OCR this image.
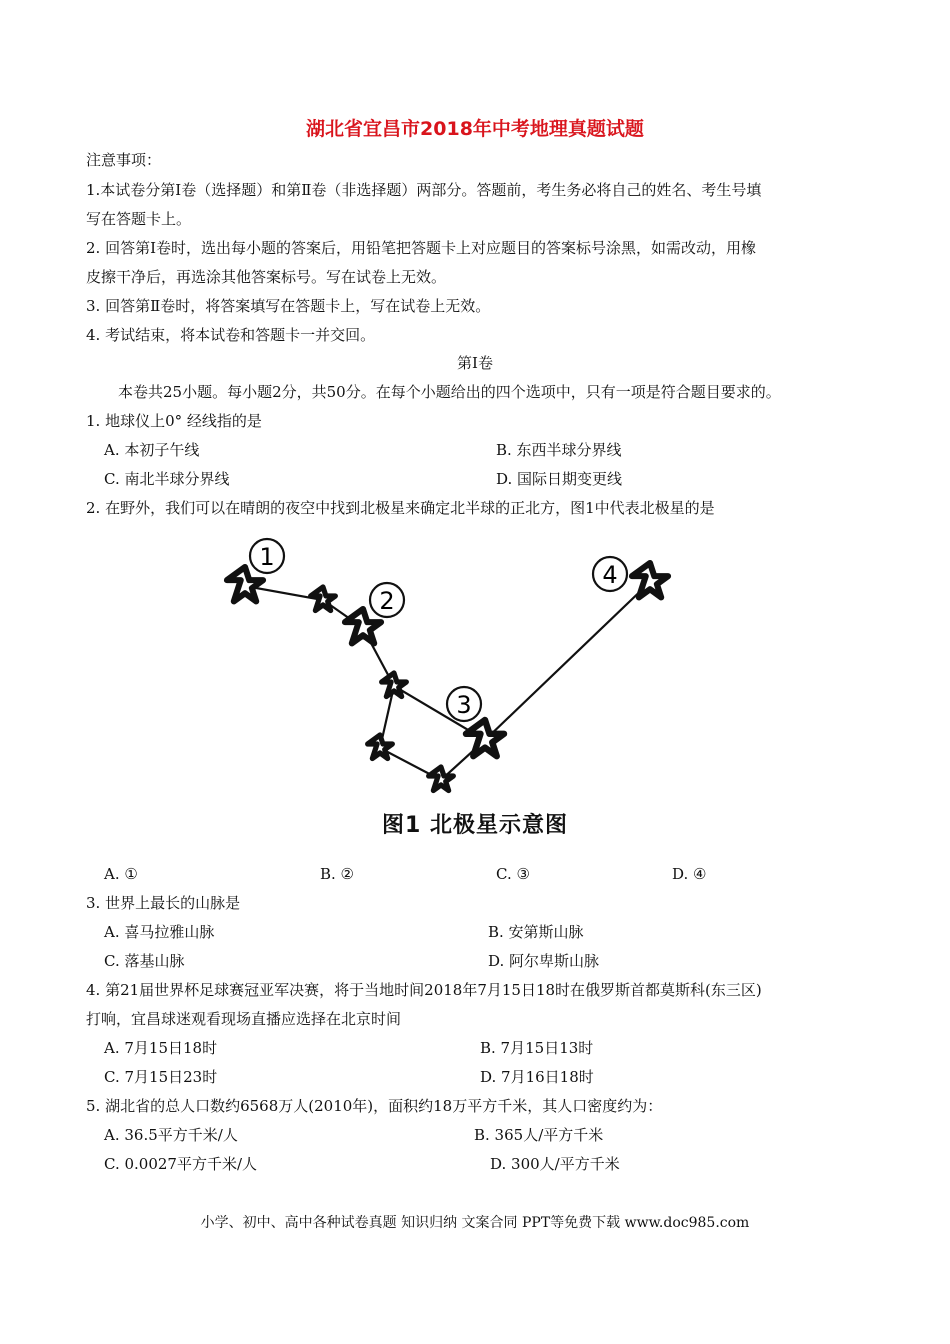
湖北省宜昌市2018年中考地理真题试题
注意事项：
1.本试卷分第Ⅰ卷（选择题）和第Ⅱ卷（非选择题）两部分。答题前，考生务必将自己的姓名、考生号填
写在答题卡上。
2. 回答第Ⅰ卷时，选出每小题的答案后，用铅笔把答题卡上对应题目的答案标号涂黑，如需改动，用橡
皮擦干净后，再选涂其他答案标号。写在试卷上无效。
3. 回答第Ⅱ卷时，将答案填写在答题卡上，写在试卷上无效。
4. 考试结束，将本试卷和答题卡一并交回。
第Ⅰ卷
本卷共25小题。每小题2分，共50分。在每个小题给出的四个选项中，只有一项是符合题目要求的。
1. 地球仪上0° 经线指的是
A. 本初子午线	B. 东西半球分界线
C. 南北半球分界线	D. 国际日期变更线
2. 在野外，我们可以在晴朗的夜空中找到北极星来确定北半球的正北方，图1中代表北极星的是
1
2
3
4
图1 北极星示意图
A. ①	B. ②	C. ③	D. ④
3. 世界上最长的山脉是
A. 喜马拉雅山脉	B. 安第斯山脉
C. 落基山脉	D. 阿尔卑斯山脉
4. 第21届世界杯足球赛冠亚军决赛，将于当地时间2018年7月15日18时在俄罗斯首都莫斯科(东三区)
打响，宜昌球迷观看现场直播应选择在北京时间
A. 7月15日18时	B. 7月15日13时
C. 7月15日23时	D. 7月16日18时
5. 湖北省的总人口数约6568万人(2010年)，面积约18万平方千米，其人口密度约为：
A. 36.5平方千米/人	B. 365人/平方千米
C. 0.0027平方千米/人	D. 300人/平方千米
小学、初中、高中各种试卷真题 知识归纳 文案合同 PPT等免费下载 www.doc985.com
